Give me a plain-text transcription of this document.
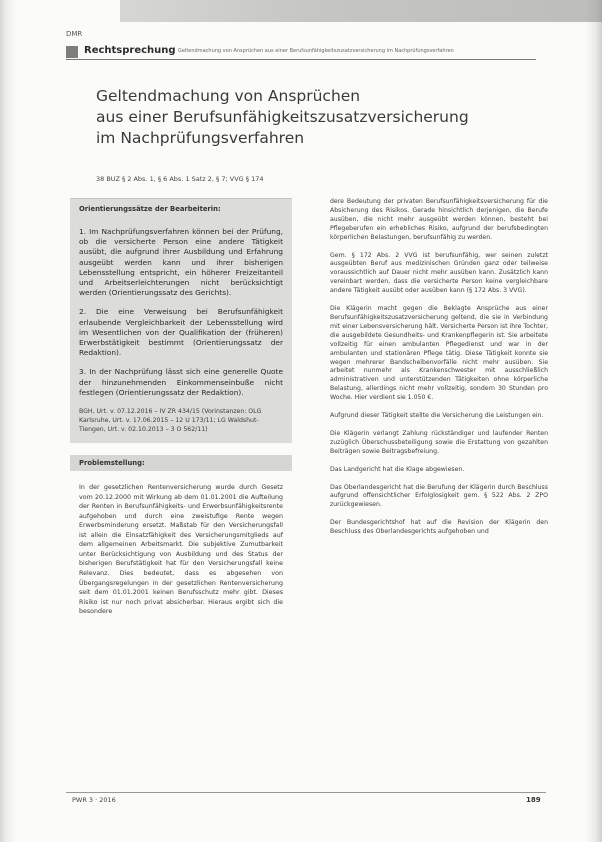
DMR
Rechtsprechung Geltendmachung von Ansprüchen aus einer Berufsunfähigkeitszusatzversicherung im Nachprüfungsverfahren
Geltendmachung von Ansprüchen
aus einer Berufsunfähigkeitszusatzversicherung
im Nachprüfungsverfahren
38 BUZ § 2 Abs. 1, § 6 Abs. 1 Satz 2, § 7; VVG § 174
Orientierungssätze der Bearbeiterin:

1. Im Nachprüfungsverfahren können bei der Prüfung, ob die versicherte Person eine andere Tätigkeit ausübt, die aufgrund ihrer Ausbildung und Erfahrung ausgeübt werden kann und ihrer bisherigen Lebensstellung entspricht, ein höherer Freizeitanteil und Arbeitserleichterungen nicht berücksichtigt werden (Orientierungssatz des Gerichts).

2. Die eine Verweisung bei Berufsunfähigkeit erlaubende Vergleichbarkeit der Lebensstellung wird im Wesentlichen von der Qualifikation der (früheren) Erwerbstätigkeit bestimmt (Orientierungssatz der Redaktion).

3. In der Nachprüfung lässt sich eine generelle Quote der hinzunehmenden Einkommenseinbuße nicht festlegen (Orientierungssatz der Redaktion).

BGH, Urt. v. 07.12.2016 – IV ZR 434/15 (Vorinstanzen: OLG Karlsruhe, Urt. v. 17.06.2015 – 12 U 173/11; LG Waldshut-Tiengen, Urt. v. 02.10.2013 – 3 O 562/11)

Problemstellung:

In der gesetzlichen Rentenversicherung wurde durch Gesetz vom 20.12.2000 mit Wirkung ab dem 01.01.2001 die Aufteilung der Renten in Berufsunfähigkeits- und Erwerbsunfähigkeitsrente aufgehoben und durch eine zweistufige Rente wegen Erwerbsminderung ersetzt. Maßstab für den Versicherungsfall ist allein die Einsatzfähigkeit des Versicherungsmitglieds auf dem allgemeinen Arbeitsmarkt. Die subjektive Zumutbarkeit unter Berücksichtigung von Ausbildung und des Status der bisherigen Berufstätigkeit hat für den Versicherungsfall keine Relevanz. Dies bedeutet, dass es abgesehen von Übergangsregelungen in der gesetzlichen Rentenversicherung seit dem 01.01.2001 keinen Berufsschutz mehr gibt. Dieses Risiko ist nur noch privat absicherbar. Hieraus ergibt sich die besondere

dere Bedeutung der privaten Berufsunfähigkeitsversicherung für die Absicherung des Risikos. Gerade hinsichtlich derjenigen, die Berufe ausüben, die nicht mehr ausgeübt werden können, besteht bei Pflegeberufen ein erhebliches Risiko, aufgrund der berufsbedingten körperlichen Belastungen, berufsunfähig zu werden.

Gem. § 172 Abs. 2 VVG ist berufsunfähig, wer seinen zuletzt ausgeübten Beruf aus medizinischen Gründen ganz oder teilweise voraussichtlich auf Dauer nicht mehr ausüben kann. Zusätzlich kann vereinbart werden, dass die versicherte Person keine vergleichbare andere Tätigkeit ausübt oder ausüben kann (§ 172 Abs. 3 VVG).

Die Klägerin macht gegen die Beklagte Ansprüche aus einer Berufsunfähigkeitszusatzversicherung geltend, die sie in Verbindung mit einer Lebensversicherung hält. Versicherte Person ist ihre Tochter, die ausgebildete Gesundheits- und Krankenpflegerin ist. Sie arbeitete vollzeitig für einen ambulanten Pflegedienst und war in der ambulanten und stationären Pflege tätig. Diese Tätigkeit konnte sie wegen mehrerer Bandscheibenvorfälle nicht mehr ausüben. Sie arbeitet nunmehr als Krankenschwester mit ausschließlich administrativen und unterstützenden Tätigkeiten ohne körperliche Belastung, allerdings nicht mehr vollzeitig, sondern 30 Stunden pro Woche. Hier verdient sie 1.050 €.

Aufgrund dieser Tätigkeit stellte die Versicherung die Leistungen ein.

Die Klägerin verlangt Zahlung rückständiger und laufender Renten zuzüglich Überschussbeteiligung sowie die Erstattung von gezahlten Beiträgen sowie Beitragsbefreiung.

Das Landgericht hat die Klage abgewiesen.

Das Oberlandesgericht hat die Berufung der Klägerin durch Beschluss aufgrund offensichtlicher Erfolglosigkeit gem. § 522 Abs. 2 ZPO zurückgewiesen.

Der Bundesgerichtshof hat auf die Revision der Klägerin den Beschluss des Oberlandesgerichts aufgehoben und

PWR 3 · 2016	189
